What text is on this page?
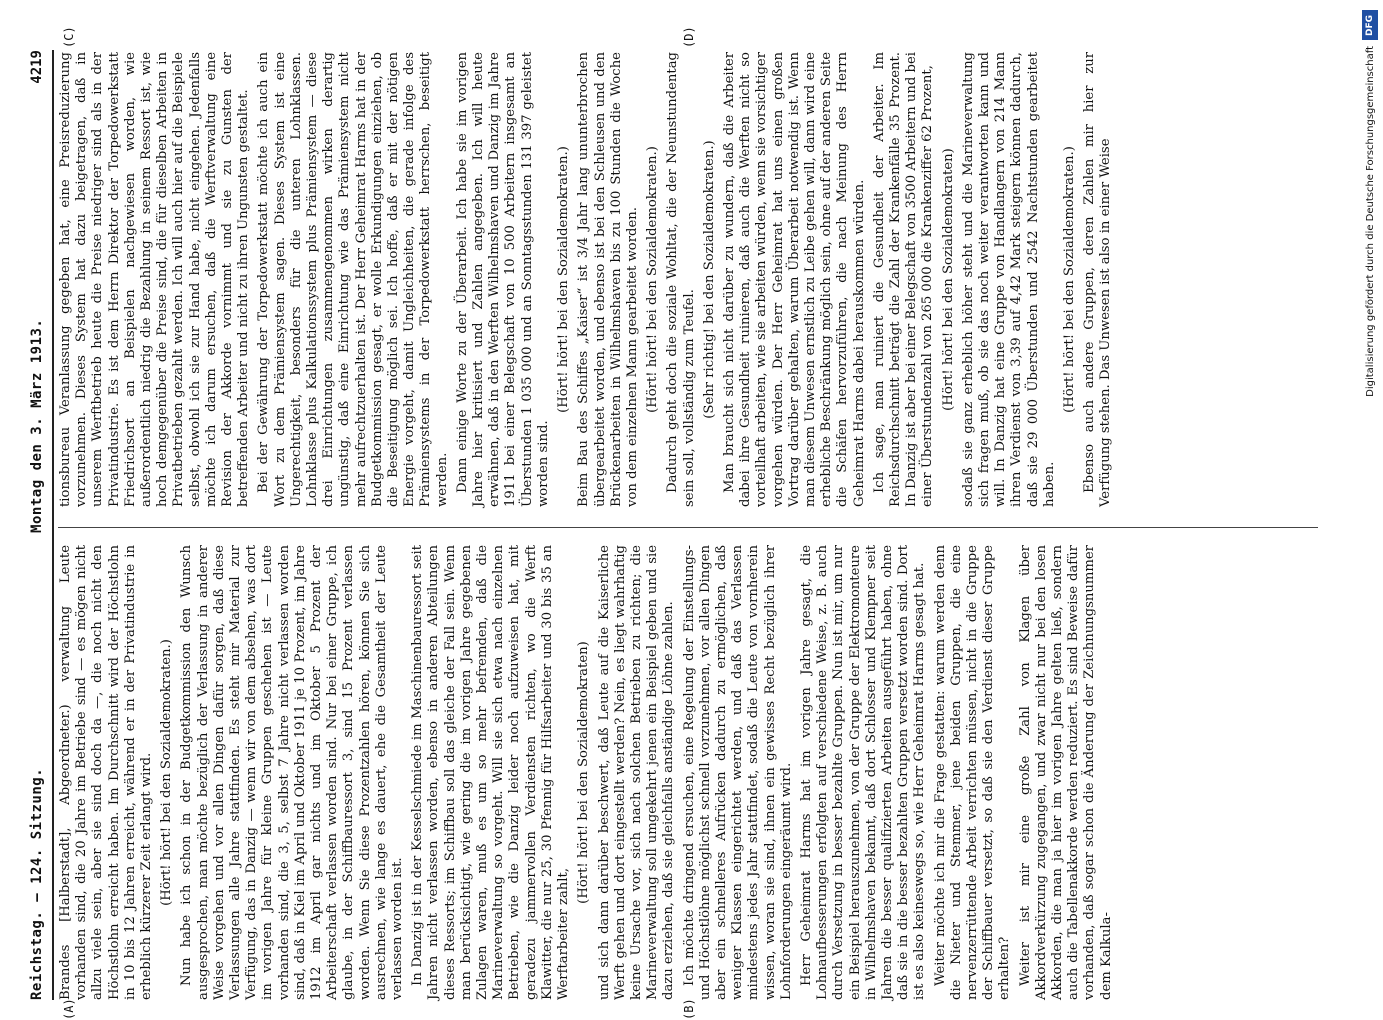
Reichstag. — 124. Sitzung.
Montag den 3. März 1913.
4219
(A)	(B)
(C)	(D)

Brandes [Halberstadt], Abgeordneter.) verwaltung Leute vorhanden sind, die 20 Jahre im Betriebe sind — es mögen nicht allzu viele sein, aber sie sind doch da —, die noch nicht den Höchstlohn erreicht haben. Im Durchschnitt wird der Höchstlohn in 10 bis 12 Jahren erreicht, während er in der Privatindustrie in erheblich kürzerer Zeit erlangt wird. (Hört! hört! bei den Sozialdemokraten.) Nun habe ich schon in der Budgetkommission den Wunsch ausgesprochen, man möchte bezüglich der Verlassung in anderer Weise vorgehen und vor allen Dingen dafür sorgen, daß diese Verlassungen alle Jahre stattfinden. Es steht mir Material zur Verfügung, das in Danzig — wenn wir von dem absehen, was dort im vorigen Jahre für kleine Gruppen geschehen ist — Leute vorhanden sind, die 3, 5, selbst 7 Jahre nicht verlassen worden sind, daß in Kiel im April und Oktober 1911 je 10 Prozent, im Jahre 1912 im April gar nichts und im Oktober 5 Prozent der Arbeiterschaft verlassen worden sind. Nur bei einer Gruppe, ich glaube, in der Schiffbauressort 3, sind 15 Prozent verlassen worden. Wenn Sie diese Prozentzahlen hören, können Sie sich ausrechnen, wie lange es dauert, ehe die Gesamtheit der Leute verlassen worden ist. In Danzig ist in der Kesselschmiede im Maschinenbauressort seit Jahren nicht verlassen worden, ebenso in anderen Abteilungen dieses Ressorts; im Schiffbau soll das gleiche der Fall sein. Wenn man berücksichtigt, wie gering die im vorigen Jahre gegebenen Zulagen waren, muß es um so mehr befremden, daß die Marineverwaltung so vorgeht. Will sie sich etwa nach einzelnen Betrieben, wie die Danzig leider noch aufzuweisen hat, mit geradezu jammervollen Verdiensten richten, wo die Werft Klawitter, die nur 25, 30 Pfennig für Hilfsarbeiter und 30 bis 35 an Werftarbeiter zahlt,

(Hört! hört! bei den Sozialdemokraten) und sich dann darüber beschwert, daß Leute auf die Kaiserliche Werft gehen und dort eingestellt werden? Nein, es liegt wahrhaftig keine Ursache vor, sich nach solchen Betrieben zu richten; die Marineverwaltung soll umgekehrt jenen ein Beispiel geben und sie dazu erziehen, daß sie gleichfalls anständige Löhne zahlen. Ich möchte dringend ersuchen, eine Regelung der Einstellungs- und Höchstlöhne möglichst schnell vorzunehmen, vor allen Dingen aber ein schnelleres Aufrücken dadurch zu ermöglichen, daß weniger Klassen eingerichtet werden, und daß das Verlassen mindestens jedes Jahr stattfindet, sodaß die Leute von vornherein wissen, woran sie sind, ihnen ein gewisses Recht bezüglich ihrer Lohnforderungen eingeräumt wird. Herr Geheimrat Harms hat im vorigen Jahre gesagt, die Lohnaufbesserungen erfolgten auf verschiedene Weise, z. B. auch durch Versetzung in besser bezahlte Gruppen. Nun ist mir, um nur ein Beispiel herauszunehmen, von der Gruppe der Elektromonteure in Wilhelmshaven bekannt, daß dort Schlosser und Klempner seit Jahren die besser qualifizierten Arbeiten ausgeführt haben, ohne daß sie in die besser bezahlten Gruppen versetzt worden sind. Dort ist es also keineswegs so, wie Herr Geheimrat Harms gesagt hat. Weiter möchte ich mir die Frage gestatten: warum werden denn die Nieter und Stemmer, jene beiden Gruppen, die eine nervenzerrüttende Arbeit verrichten müssen, nicht in die Gruppe der Schiffbauer versetzt, so daß sie den Verdienst dieser Gruppe erhalten? Weiter ist mir eine große Zahl von Klagen über Akkordverkürzung zugegangen, und zwar nicht nur bei den losen Akkorden, die man ja hier im vorigen Jahre gelten ließ, sondern auch die Tabellenakkorde werden reduziert. Es sind Beweise dafür vorhanden, daß sogar schon die Änderung der Zeichnungsnummer dem Kalkula-

tionsbureau Veranlassung gegeben hat, eine Preisreduzierung vorzunehmen. Dieses System hat dazu beigetragen, daß in unserem Werftbetrieb heute die Preise niedriger sind als in der Privatindustrie. Es ist dem Herrn Direktor der Torpedowerkstatt Friedrichsort an Beispielen nachgewiesen worden, wie außerordentlich niedrig die Bezahlung in seinem Ressort ist, wie hoch demgegenüber die Preise sind, die für dieselben Arbeiten in Privatbetrieben gezahlt werden. Ich will auch hier auf die Beispiele selbst, obwohl ich sie zur Hand habe, nicht eingehen. Jedenfalls möchte ich darum ersuchen, daß die Werftverwaltung eine Revision der Akkorde vornimmt und sie zu Gunsten der betreffenden Arbeiter und nicht zu ihren Ungunsten gestaltet. Bei der Gewährung der Torpedowerkstatt möchte ich auch ein Wort zu dem Prämiensystem sagen. Dieses System ist eine Ungerechtigkeit, besonders für die unteren Lohnklassen. Lohnklasse plus Kalkulationssystem plus Prämiensystem — diese drei Einrichtungen zusammengenommen wirken derartig ungünstig, daß eine Einrichtung wie das Prämiensystem nicht mehr aufrechtzuerhalten ist. Der Herr Geheimrat Harms hat in der Budgetkommission gesagt, er wolle Erkundigungen einziehen, ob die Beseitigung möglich sei. Ich hoffe, daß er mit der nötigen Energie vorgeht, damit Ungleichheiten, die gerade infolge des Prämiensystems in der Torpedowerkstatt herrschen, beseitigt werden. Dann einige Worte zu der Überarbeit. Ich habe sie im vorigen Jahre hier kritisiert und Zahlen angegeben. Ich will heute erwähnen, daß in den Werften Wilhelmshaven und Danzig im Jahre 1911 bei einer Belegschaft von 10 500 Arbeitern insgesamt an Überstunden 1 035 000 und an Sonntagsstunden 131 397 geleistet worden sind.

(Hört! hört! bei den Sozialdemokraten.) Beim Bau des Schiffes „Kaiser“ ist 3/4 Jahr lang ununterbrochen übergearbeitet worden, und ebenso ist bei den Schleusen und den Brückenarbeiten in Wilhelmshaven bis zu 100 Stunden die Woche von dem einzelnen Mann gearbeitet worden. (Hört! hört! bei den Sozialdemokraten.) Dadurch geht doch die soziale Wohltat, die der Neunstundentag sein soll, vollständig zum Teufel. (Sehr richtig! bei den Sozialdemokraten.) Man braucht sich nicht darüber zu wundern, daß die Arbeiter dabei ihre Gesundheit ruinieren, daß auch die Werften nicht so vorteilhaft arbeiten, wie sie arbeiten würden, wenn sie vorsichtiger vorgehen würden. Der Herr Geheimrat hat uns einen großen Vortrag darüber gehalten, warum Überarbeit notwendig ist. Wenn man diesem Unwesen ernstlich zu Leibe gehen will, dann wird eine erhebliche Beschränkung möglich sein, ohne auf der anderen Seite die Schäfen hervorzuführen, die nach Meinung des Herrn Geheimrat Harms dabei herauskommen würden. Ich sage, man ruiniert die Gesundheit der Arbeiter. Im Reichsdurchschnitt beträgt die Zahl der Krankenfälle 35 Prozent. In Danzig ist aber bei einer Belegschaft von 3500 Arbeitern und bei einer Überstundenzahl von 265 000 die Krankenziffer 62 Prozent, (Hört! hört! bei den Sozialdemokraten) sodaß sie ganz erheblich höher steht und die Marineverwaltung sich fragen muß, ob sie das noch weiter verantworten kann und will. In Danzig hat eine Gruppe von Handlangern von 214 Mann ihren Verdienst von 3,39 auf 4,42 Mark steigern können dadurch, daß sie 29 000 Überstunden und 2542 Nachtstunden gearbeitet haben.

(Hört! hört! bei den Sozialdemokraten.) Ebenso auch andere Gruppen, deren Zahlen mir hier zur Verfügung stehen. Das Unwesen ist also in einer Weise

DFG
Digitalisierung gefördert durch die Deutsche Forschungsgemeinschaft
